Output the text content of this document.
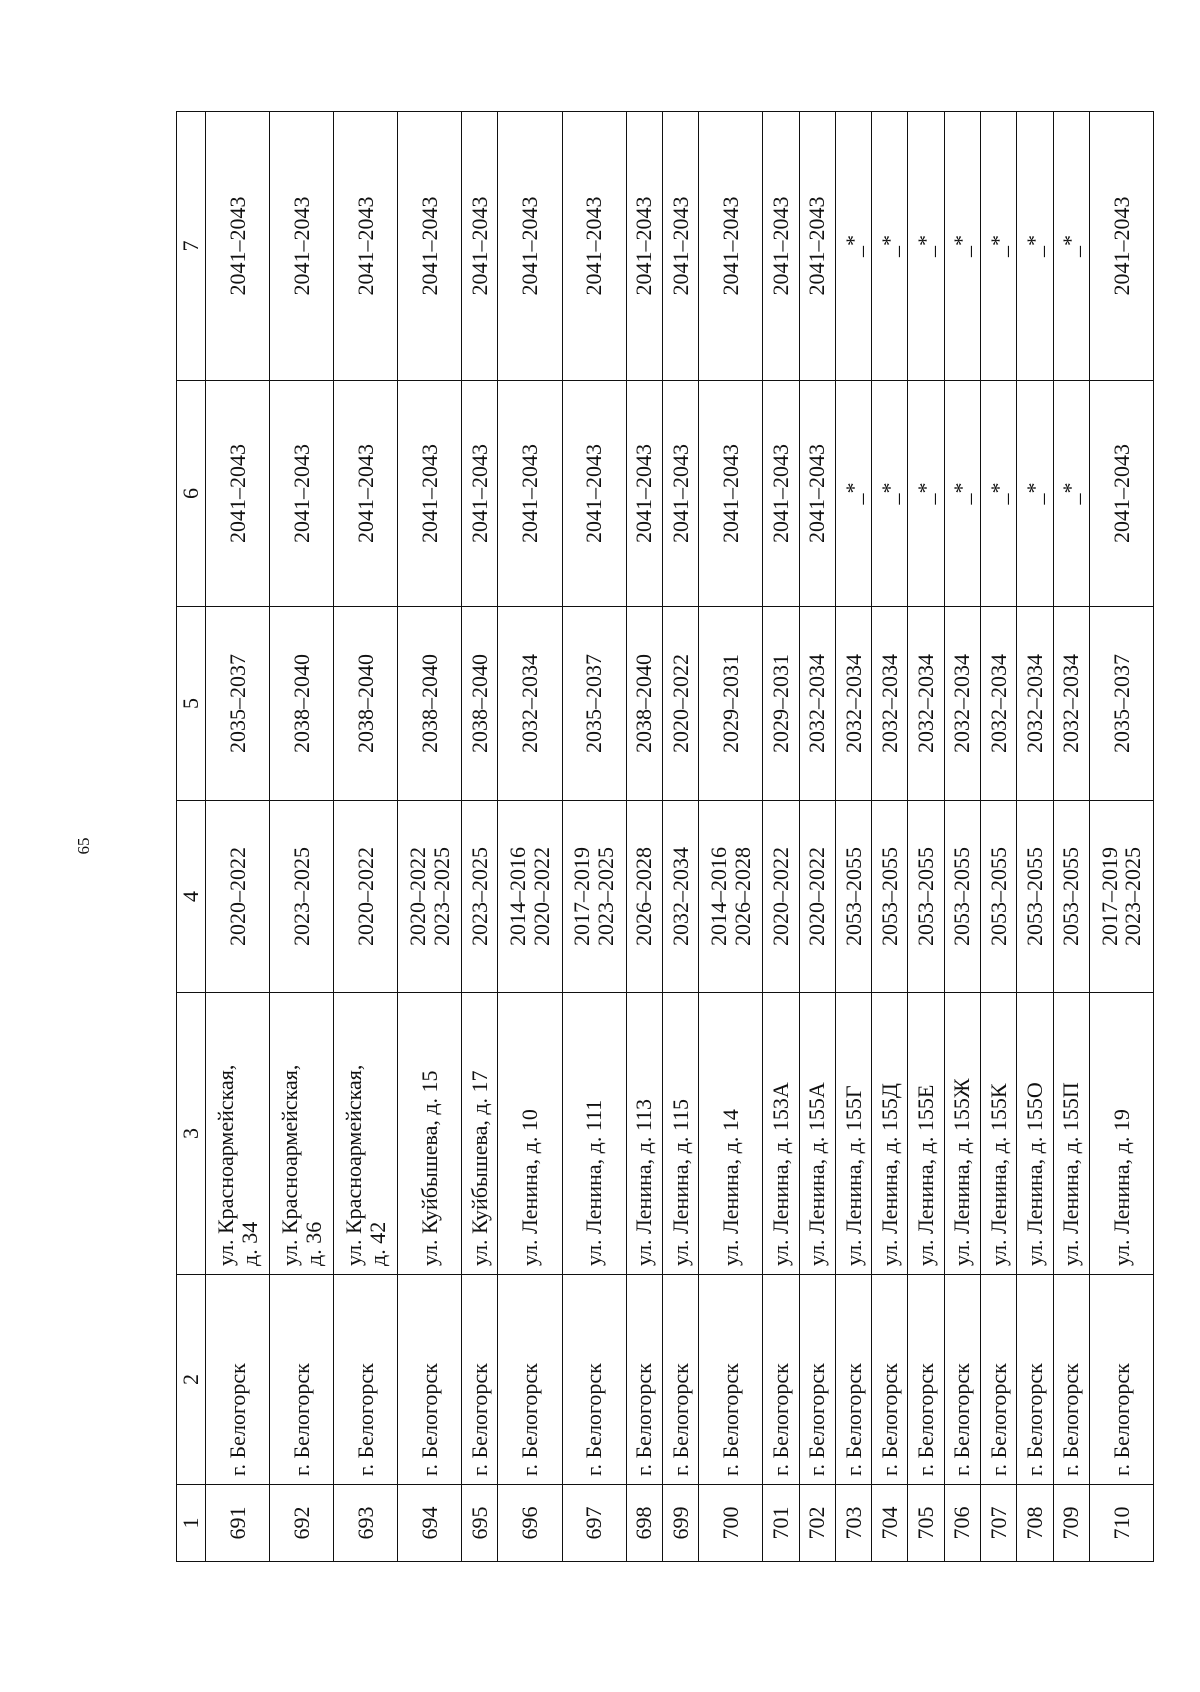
65
1	2	3	4	5	6	7
691	г. Белогорск	ул. Красноармейская,
д. 34	2020–2022	2035–2037	2041–2043	2041–2043
692	г. Белогорск	ул. Красноармейская,
д. 36	2023–2025	2038–2040	2041–2043	2041–2043
693	г. Белогорск	ул. Красноармейская,
д. 42	2020–2022	2038–2040	2041–2043	2041–2043
694	г. Белогорск	ул. Куйбышева, д. 15	2020–2022
2023–2025	2038–2040	2041–2043	2041–2043
695	г. Белогорск	ул. Куйбышева, д. 17	2023–2025	2038–2040	2041–2043	2041–2043
696	г. Белогорск	ул. Ленина, д. 10	2014–2016
2020–2022	2032–2034	2041–2043	2041–2043
697	г. Белогорск	ул. Ленина, д. 111	2017–2019
2023–2025	2035–2037	2041–2043	2041–2043
698	г. Белогорск	ул. Ленина, д. 113	2026–2028	2038–2040	2041–2043	2041–2043
699	г. Белогорск	ул. Ленина, д. 115	2032–2034	2020–2022	2041–2043	2041–2043
700	г. Белогорск	ул. Ленина, д. 14	2014–2016
2026–2028	2029–2031	2041–2043	2041–2043
701	г. Белогорск	ул. Ленина, д. 153А	2020–2022	2029–2031	2041–2043	2041–2043
702	г. Белогорск	ул. Ленина, д. 155А	2020–2022	2032–2034	2041–2043	2041–2043
703	г. Белогорск	ул. Ленина, д. 155Г	2053–2055	2032–2034	_*	_*
704	г. Белогорск	ул. Ленина, д. 155Д	2053–2055	2032–2034	_*	_*
705	г. Белогорск	ул. Ленина, д. 155Е	2053–2055	2032–2034	_*	_*
706	г. Белогорск	ул. Ленина, д. 155Ж	2053–2055	2032–2034	_*	_*
707	г. Белогорск	ул. Ленина, д. 155К	2053–2055	2032–2034	_*	_*
708	г. Белогорск	ул. Ленина, д. 155О	2053–2055	2032–2034	_*	_*
709	г. Белогорск	ул. Ленина, д. 155П	2053–2055	2032–2034	_*	_*
710	г. Белогорск	ул. Ленина, д. 19	2017–2019
2023–2025	2035–2037	2041–2043	2041–2043
